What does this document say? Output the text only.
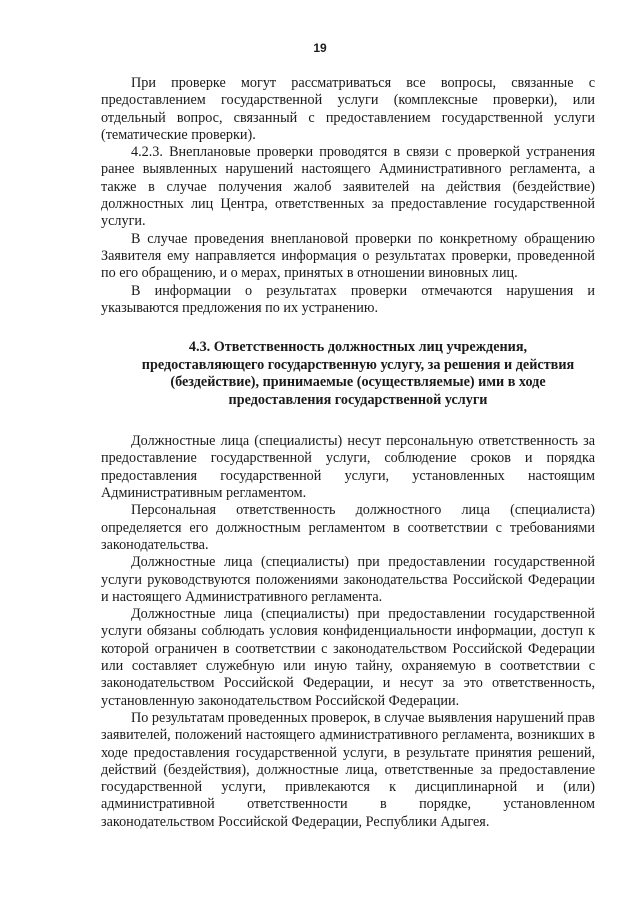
19

При проверке могут рассматриваться все вопросы, связанные с предоставлением государственной услуги (комплексные проверки), или отдельный вопрос, связанный с предоставлением государственной услуги (тематические проверки).

4.2.3. Внеплановые проверки проводятся в связи с проверкой устранения ранее выявленных нарушений настоящего Административного регламента, а также в случае получения жалоб заявителей на действия (бездействие) должностных лиц Центра, ответственных за предоставление государственной услуги.

В случае проведения внеплановой проверки по конкретному обращению Заявителя ему направляется информация о результатах проверки, проведенной по его обращению, и о мерах, принятых в отношении виновных лиц.

В информации о результатах проверки отмечаются нарушения и указываются предложения по их устранению.

4.3. Ответственность должностных лиц учреждения, предоставляющего государственную услугу, за решения и действия (бездействие), принимаемые (осуществляемые) ими в ходе предоставления государственной услуги

Должностные лица (специалисты) несут персональную ответственность за предоставление государственной услуги, соблюдение сроков и порядка предоставления государственной услуги, установленных настоящим Административным регламентом.

Персональная ответственность должностного лица (специалиста) определяется его должностным регламентом в соответствии с требованиями законодательства.

Должностные лица (специалисты) при предоставлении государственной услуги руководствуются положениями законодательства Российской Федерации и настоящего Административного регламента.

Должностные лица (специалисты) при предоставлении государственной услуги обязаны соблюдать условия конфиденциальности информации, доступ к которой ограничен в соответствии с законодательством Российской Федерации или составляет служебную или иную тайну, охраняемую в соответствии с законодательством Российской Федерации, и несут за это ответственность, установленную законодательством Российской Федерации.

По результатам проведенных проверок, в случае выявления нарушений прав заявителей, положений настоящего административного регламента, возникших в ходе предоставления государственной услуги, в результате принятия решений, действий (бездействия), должностные лица, ответственные за предоставление государственной услуги, привлекаются к дисциплинарной и (или) административной ответственности в порядке, установленном законодательством Российской Федерации, Республики Адыгея.
